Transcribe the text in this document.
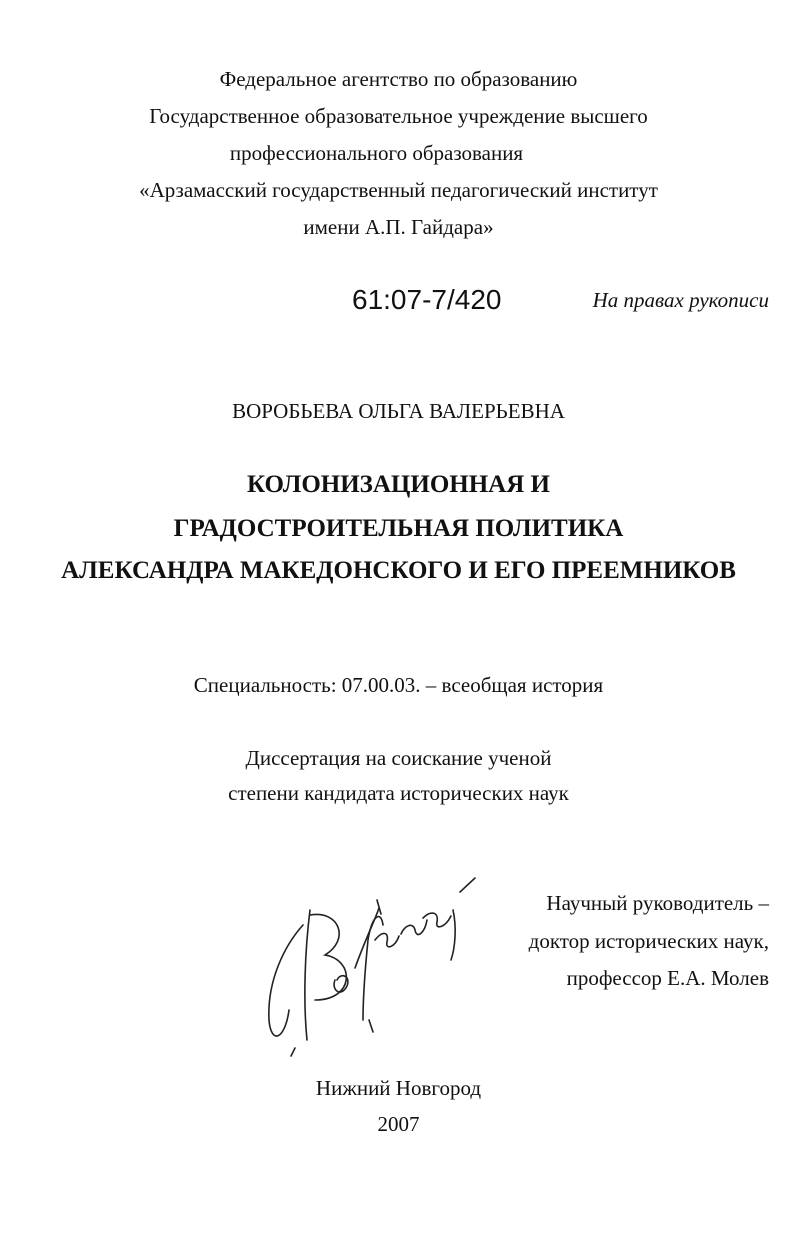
Федеральное агентство по образованию
Государственное образовательное учреждение высшего
профессионального образования
«Арзамасский государственный педагогический институт
имени А.П. Гайдара»
61:07-7/420	На правах рукописи
ВОРОБЬЕВА ОЛЬГА ВАЛЕРЬЕВНА
КОЛОНИЗАЦИОННАЯ И
ГРАДОСТРОИТЕЛЬНАЯ ПОЛИТИКА
АЛЕКСАНДРА МАКЕДОНСКОГО И ЕГО ПРЕЕМНИКОВ
Специальность: 07.00.03. – всеобщая история
Диссертация на соискание ученой
степени кандидата исторических наук
Научный руководитель –
доктор исторических наук,
профессор Е.А. Молев
Нижний Новгород
2007
